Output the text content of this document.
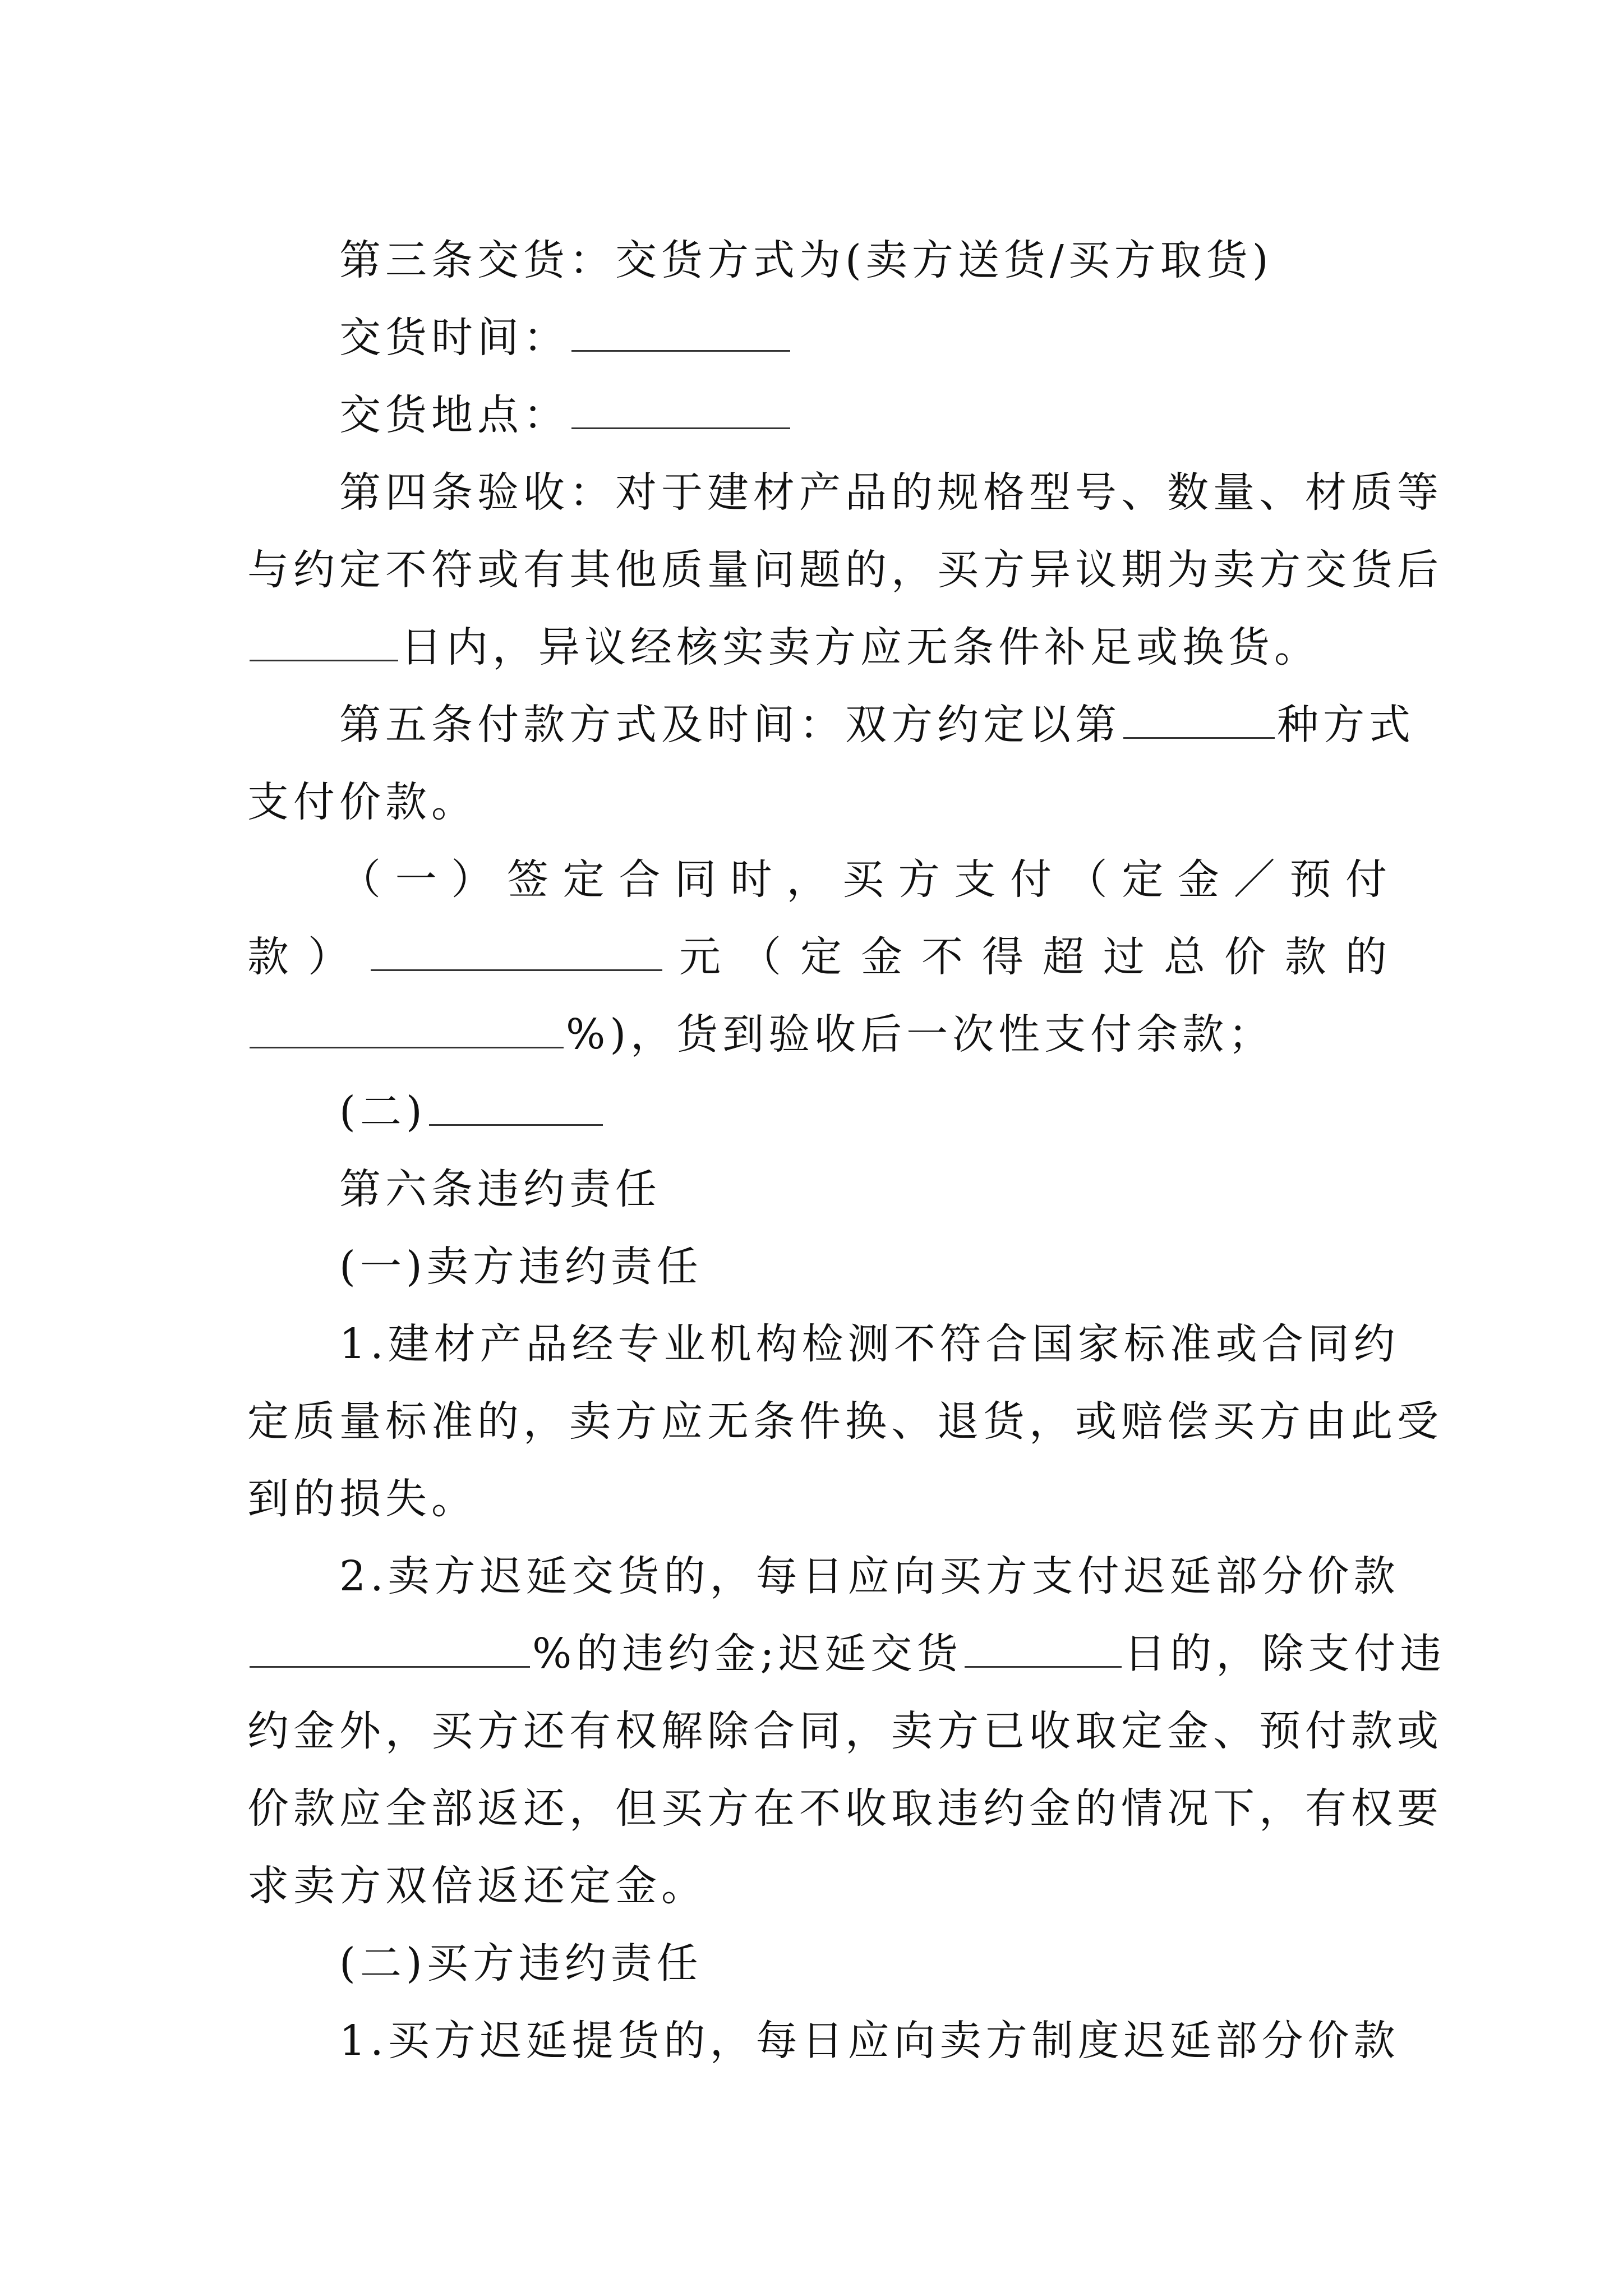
第三条交货：交货方式为(卖方送货/买方取货)
交货时间：
交货地点：
第四条验收：对于建材产品的规格型号、数量、材质等
与约定不符或有其他质量问题的，买方异议期为卖方交货后
日内，异议经核实卖方应无条件补足或换货。
第五条付款方式及时间：双方约定以第	种方式
支付价款。
（一）签定合同时，买方支付（定金／预付
款）	元（定金不得超过总价款的
%)，货到验收后一次性支付余款；
(二)
第六条违约责任
(一)卖方违约责任
1.建材产品经专业机构检测不符合国家标准或合同约
定质量标准的，卖方应无条件换、退货，或赔偿买方由此受
到的损失。
2.卖方迟延交货的，每日应向买方支付迟延部分价款
%的违约金;迟延交货	日的，除支付违
约金外，买方还有权解除合同，卖方已收取定金、预付款或
价款应全部返还，但买方在不收取违约金的情况下，有权要
求卖方双倍返还定金。
(二)买方违约责任
1.买方迟延提货的，每日应向卖方制度迟延部分价款
